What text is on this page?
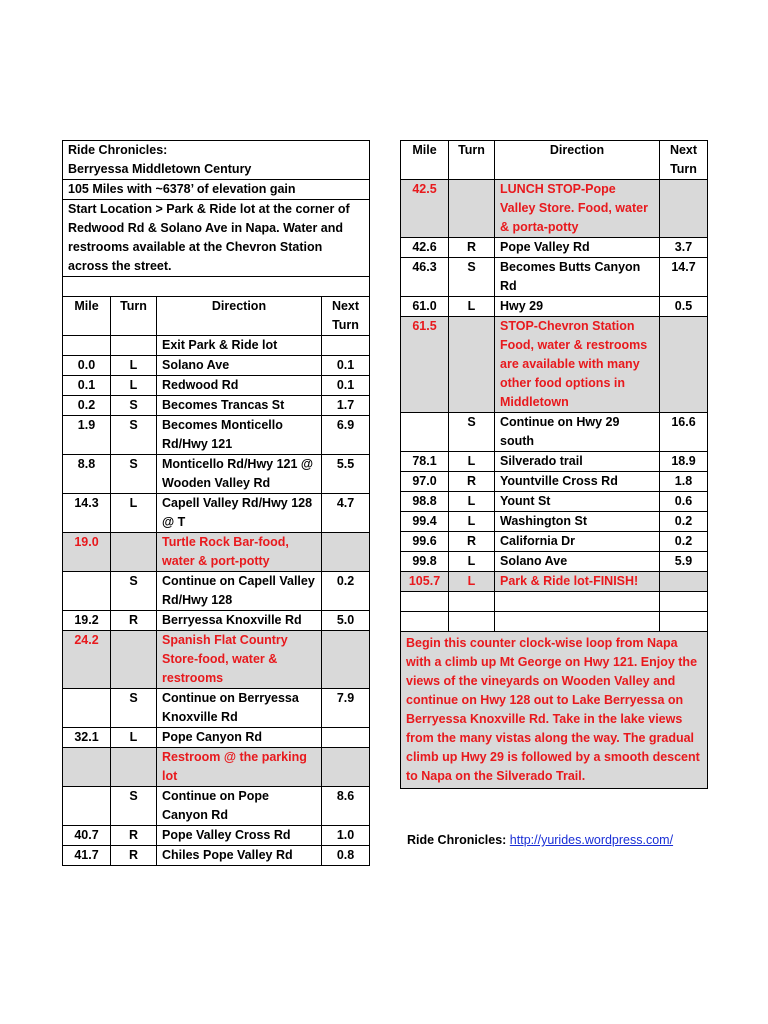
Ride Chronicles:
Berryessa Middletown Century			

105 Miles with ~6378’ of elevation gain			
Start Location > Park & Ride lot at the corner of Redwood Rd & Solano Ave in Napa. Water and restrooms available at the Chevron Station across the street.			

Mile	Turn	Direction	Next Turn
		Exit Park & Ride lot	
0.0	L	Solano Ave	0.1
0.1	L	Redwood Rd	0.1
0.2	S	Becomes Trancas St	1.7
1.9	S	Becomes Monticello Rd/Hwy 121	6.9
8.8	S	Monticello Rd/Hwy 121 @ Wooden Valley Rd	5.5
14.3	L	Capell Valley Rd/Hwy 128 @ T	4.7
19.0		Turtle Rock Bar-food, water & port-potty	
	S	Continue on Capell Valley Rd/Hwy 128	0.2
19.2	R	Berryessa Knoxville Rd	5.0
24.2		Spanish Flat Country Store-food, water & restrooms	
	S	Continue on Berryessa Knoxville Rd	7.9
32.1	L	Pope Canyon Rd	
		Restroom @ the parking lot	
	S	Continue on Pope Canyon Rd	8.6
40.7	R	Pope Valley Cross Rd	1.0
41.7	R	Chiles Pope Valley Rd	0.8
Mile	Turn	Direction	Next Turn
42.5		LUNCH STOP-Pope Valley Store. Food, water & porta-potty	
42.6	R	Pope Valley Rd	3.7
46.3	S	Becomes Butts Canyon Rd	14.7
61.0	L	Hwy 29	0.5
61.5		STOP-Chevron Station Food, water & restrooms are available with many other food options in Middletown	
	S	Continue on Hwy 29 south	16.6
78.1	L	Silverado trail	18.9
97.0	R	Yountville Cross Rd	1.8
98.8	L	Yount St	0.6
99.4	L	Washington St	0.2
99.6	R	California Dr	0.2
99.8	L	Solano Ave	5.9
105.7	L	Park & Ride lot-FINISH!	

Begin this counter clock-wise loop from Napa with a climb up Mt George on Hwy 121. Enjoy the views of the vineyards on Wooden Valley and continue on Hwy 128 out to Lake Berryessa on Berryessa Knoxville Rd. Take in the lake views from the many vistas along the way. The gradual climb up Hwy 29 is followed by a smooth descent to Napa on the Silverado Trail.			
Ride Chronicles: http://yurides.wordpress.com/
